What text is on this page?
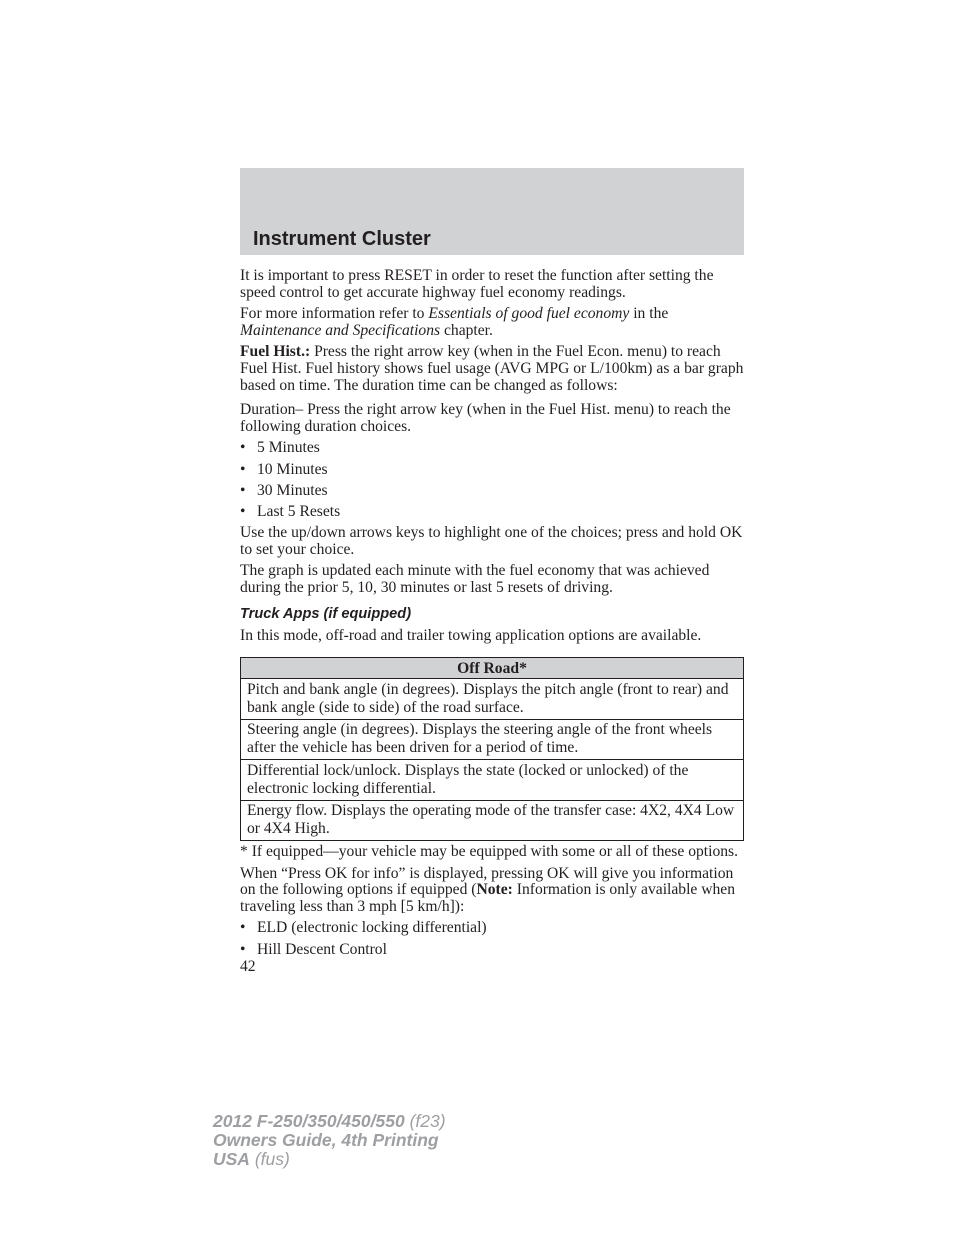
Instrument Cluster

It is important to press RESET in order to reset the function after setting the speed control to get accurate highway fuel economy readings.

For more information refer to Essentials of good fuel economy in the Maintenance and Specifications chapter.

Fuel Hist.: Press the right arrow key (when in the Fuel Econ. menu) to reach Fuel Hist. Fuel history shows fuel usage (AVG MPG or L/100km) as a bar graph based on time. The duration time can be changed as follows:

Duration– Press the right arrow key (when in the Fuel Hist. menu) to reach the following duration choices.

• 5 Minutes
• 10 Minutes
• 30 Minutes
• Last 5 Resets

Use the up/down arrows keys to highlight one of the choices; press and hold OK to set your choice.

The graph is updated each minute with the fuel economy that was achieved during the prior 5, 10, 30 minutes or last 5 resets of driving.

Truck Apps (if equipped)

In this mode, off-road and trailer towing application options are available.

Off Road*
Pitch and bank angle (in degrees). Displays the pitch angle (front to rear) and bank angle (side to side) of the road surface.
Steering angle (in degrees). Displays the steering angle of the front wheels after the vehicle has been driven for a period of time.
Differential lock/unlock. Displays the state (locked or unlocked) of the electronic locking differential.
Energy flow. Displays the operating mode of the transfer case: 4X2, 4X4 Low or 4X4 High.

* If equipped—your vehicle may be equipped with some or all of these options.

When “Press OK for info” is displayed, pressing OK will give you information on the following options if equipped (Note: Information is only available when traveling less than 3 mph [5 km/h]):

• ELD (electronic locking differential)
• Hill Descent Control
42
2012 F-250/350/450/550 (f23)
Owners Guide, 4th Printing
USA (fus)
